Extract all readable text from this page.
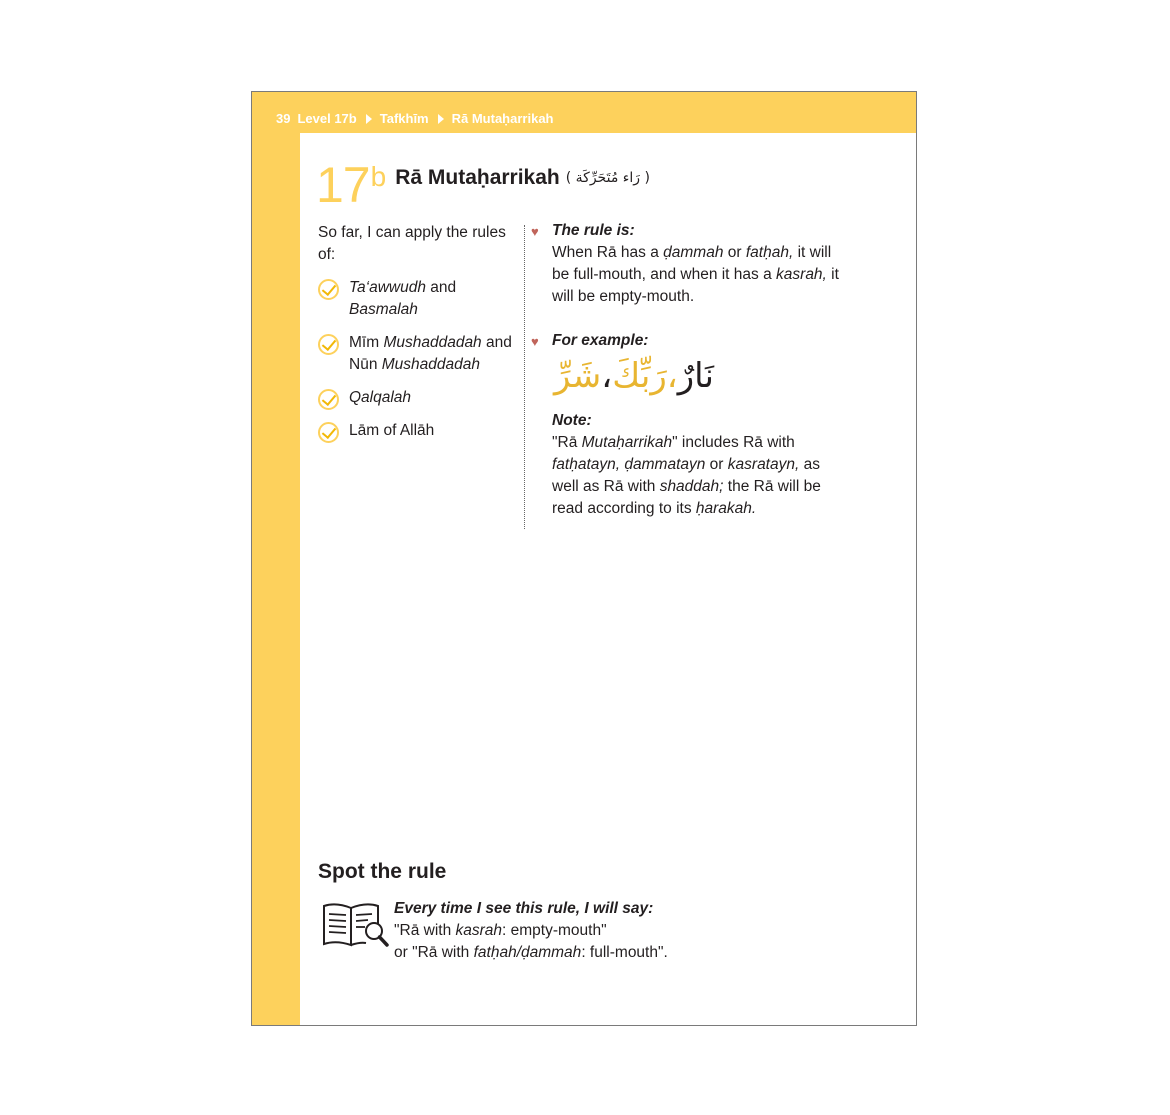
39 Level 17b Tafkhīm Rā Mutaḥarrikah
17 b Rā Mutaḥarrikah ( رَاء مُتَحَرِّكَة )

So far, I can apply the rules of:

Ta‘awwudh and Basmalah
Mīm Mushaddadah and Nūn Mushaddadah
Qalqalah
Lām of Allāh
♥ The rule is:
When Rā has a ḍammah or fatḥah, it will be full-mouth, and when it has a kasrah, it will be empty-mouth.
♥ For example:
نَارٌ،رَبِّكَ،شَرِّ
Note:
"Rā Mutaḥarrikah" includes Rā with fatḥatayn, ḍammatayn or kasratayn, as well as Rā with shaddah; the Rā will be read according to its ḥarakah.
Spot the rule
Every time I see this rule, I will say:
"Rā with kasrah: empty-mouth"
or "Rā with fatḥah/ḍammah: full-mouth".
